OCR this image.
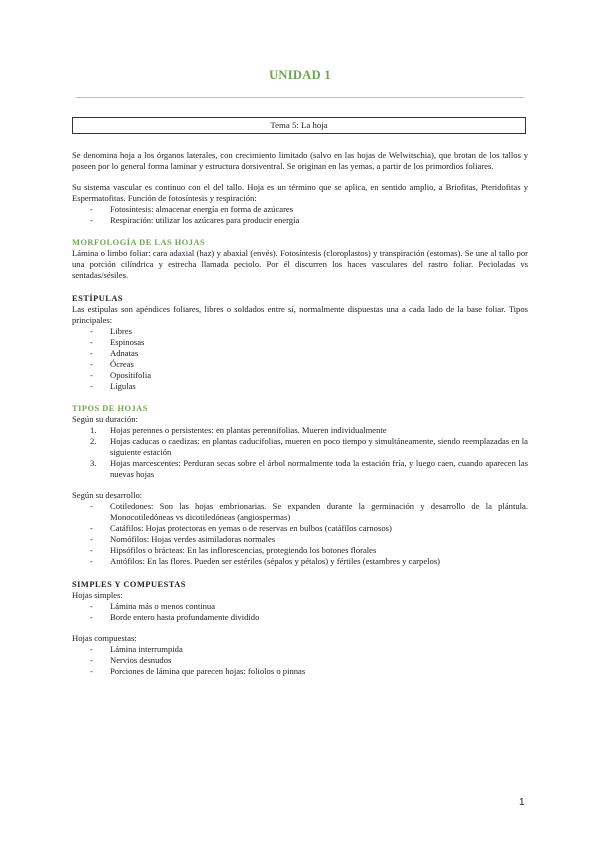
UNIDAD 1
Tema 5: La hoja

Se denomina hoja a los órganos laterales, con crecimiento limitado (salvo en las hojas de Welwitschia), que brotan de los tallos y poseen por lo general forma laminar y estructura dorsiventral. Se originan en las yemas, a partir de los primordios foliares.

Su sistema vascular es continuo con el del tallo. Hoja es un término que se aplica, en sentido amplio, a Briofitas, Pteridofitas y Espermatofitas. Función de fotosíntesis y respiración:

- Fotosíntesis: almacenar energía en forma de azúcares
- Respiración: utilizar los azúcares para producir energía
MORFOLOGÍA DE LAS HOJAS

Lámina o limbo foliar: cara adaxial (haz) y abaxial (envés). Fotosíntesis (cloroplastos) y transpiración (estomas). Se une al tallo por una porción cilíndrica y estrecha llamada peciolo. Por él discurren los haces vasculares del rastro foliar. Pecioladas vs sentadas/sésiles.

ESTÍPULAS

Las estípulas son apéndices foliares, libres o soldados entre sí, normalmente dispuestas una a cada lado de la base foliar. Tipos principales:

- Libres
- Espinosas
- Adnatas
- Ócreas
- Oposítifolia
- Lígulas
TIPOS DE HOJAS

Según su duración:

1. Hojas perennes o persistentes: en plantas perennifolias. Mueren individualmente
2. Hojas caducas o caedizas: en plantas caducifolias, mueren en poco tiempo y simultáneamente, siendo reemplazadas en la siguiente estación
3. Hojas marcescentes: Perduran secas sobre el árbol normalmente toda la estación fría, y luego caen, cuando aparecen las nuevas hojas

Según su desarrollo:

- Cotiledones: Son las hojas embrionarias. Se expanden durante la germinación y desarrollo de la plántula. Monocotiledóneas vs dicotiledóneas (angiospermas)
- Catáfilos: Hojas protectoras en yemas o de reservas en bulbos (catáfilos carnosos)
- Nomófilos: Hojas verdes asimiladoras normales
- Hipsófilos o brácteas: En las inflorescencias, protegiendo los botones florales
- Antófilos: En las flores. Pueden ser estériles (sépalos y pétalos) y fértiles (estambres y carpelos)
SIMPLES Y COMPUESTAS

Hojas simples:

- Lámina más o menos continua
- Borde entero hasta profundamente dividido

Hojas compuestas:

- Lámina interrumpida
- Nervios desnudos
- Porciones de lámina que parecen hojas: foliolos o pinnas
1
